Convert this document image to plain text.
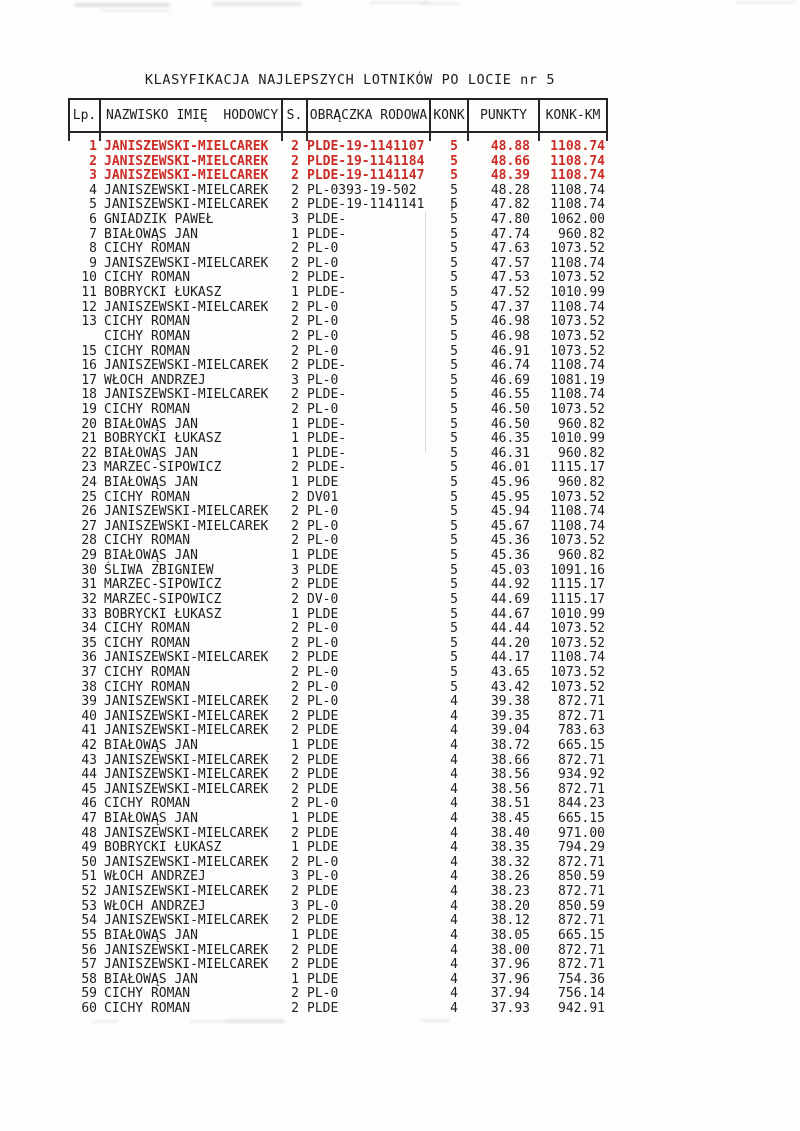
KLASYFIKACJA NAJLEPSZYCH LOTNIKÓW PO LOCIE nr 5
Lp. NAZWISKO IMIĘ  HODOWCY S. OBRĄCZKA RODOWA KONK	PUNKTY	KONK-KM
1 JANISZEWSKI-MIELCAREK	2 PLDE-19-1141107	5	48.88	1108.74
2 JANISZEWSKI-MIELCAREK	2 PLDE-19-1141184	5	48.66	1108.74
3 JANISZEWSKI-MIELCAREK	2 PLDE-19-1141147	5	48.39	1108.74
4 JANISZEWSKI-MIELCAREK	2 PL-0393-19-502	5	48.28	1108.74
5 JANISZEWSKI-MIELCAREK	2 PLDE-19-1141141	5	47.82	1108.74
6 GNIADZIK PAWEŁ	3 PLDE-	5	47.80	1062.00
7 BIAŁOWĄS JAN	1 PLDE-	5	47.74	960.82
8 CICHY ROMAN	2 PL-0	5	47.63	1073.52
9 JANISZEWSKI-MIELCAREK	2 PL-0	5	47.57	1108.74
10 CICHY ROMAN	2 PLDE-	5	47.53	1073.52
11 BOBRYCKI ŁUKASZ	1 PLDE-	5	47.52	1010.99
12 JANISZEWSKI-MIELCAREK	2 PL-0	5	47.37	1108.74
13 CICHY ROMAN	2 PL-0	5	46.98	1073.52
CICHY ROMAN	2 PL-0	5	46.98	1073.52
15 CICHY ROMAN	2 PL-0	5	46.91	1073.52
16 JANISZEWSKI-MIELCAREK	2 PLDE-	5	46.74	1108.74
17 WŁOCH ANDRZEJ	3 PL-0	5	46.69	1081.19
18 JANISZEWSKI-MIELCAREK	2 PLDE-	5	46.55	1108.74
19 CICHY ROMAN	2 PL-0	5	46.50	1073.52
20 BIAŁOWĄS JAN	1 PLDE-	5	46.50	960.82
21 BOBRYCKI ŁUKASZ	1 PLDE-	5	46.35	1010.99
22 BIAŁOWĄS JAN	1 PLDE-	5	46.31	960.82
23 MARZEC-SIPOWICZ	2 PLDE-	5	46.01	1115.17
24 BIAŁOWĄS JAN	1 PLDE	5	45.96	960.82
25 CICHY ROMAN	2 DV01	5	45.95	1073.52
26 JANISZEWSKI-MIELCAREK	2 PL-0	5	45.94	1108.74
27 JANISZEWSKI-MIELCAREK	2 PL-0	5	45.67	1108.74
28 CICHY ROMAN	2 PL-0	5	45.36	1073.52
29 BIAŁOWĄS JAN	1 PLDE	5	45.36	960.82
30 ŚLIWA ZBIGNIEW	3 PLDE	5	45.03	1091.16
31 MARZEC-SIPOWICZ	2 PLDE	5	44.92	1115.17
32 MARZEC-SIPOWICZ	2 DV-0	5	44.69	1115.17
33 BOBRYCKI ŁUKASZ	1 PLDE	5	44.67	1010.99
34 CICHY ROMAN	2 PL-0	5	44.44	1073.52
35 CICHY ROMAN	2 PL-0	5	44.20	1073.52
36 JANISZEWSKI-MIELCAREK	2 PLDE	5	44.17	1108.74
37 CICHY ROMAN	2 PL-0	5	43.65	1073.52
38 CICHY ROMAN	2 PL-0	5	43.42	1073.52
39 JANISZEWSKI-MIELCAREK	2 PL-0	4	39.38	872.71
40 JANISZEWSKI-MIELCAREK	2 PLDE	4	39.35	872.71
41 JANISZEWSKI-MIELCAREK	2 PLDE	4	39.04	783.63
42 BIAŁOWĄS JAN	1 PLDE	4	38.72	665.15
43 JANISZEWSKI-MIELCAREK	2 PLDE	4	38.66	872.71
44 JANISZEWSKI-MIELCAREK	2 PLDE	4	38.56	934.92
45 JANISZEWSKI-MIELCAREK	2 PLDE	4	38.56	872.71
46 CICHY ROMAN	2 PL-0	4	38.51	844.23
47 BIAŁOWĄS JAN	1 PLDE	4	38.45	665.15
48 JANISZEWSKI-MIELCAREK	2 PLDE	4	38.40	971.00
49 BOBRYCKI ŁUKASZ	1 PLDE	4	38.35	794.29
50 JANISZEWSKI-MIELCAREK	2 PL-0	4	38.32	872.71
51 WŁOCH ANDRZEJ	3 PL-0	4	38.26	850.59
52 JANISZEWSKI-MIELCAREK	2 PLDE	4	38.23	872.71
53 WŁOCH ANDRZEJ	3 PL-0	4	38.20	850.59
54 JANISZEWSKI-MIELCAREK	2 PLDE	4	38.12	872.71
55 BIAŁOWĄS JAN	1 PLDE	4	38.05	665.15
56 JANISZEWSKI-MIELCAREK	2 PLDE	4	38.00	872.71
57 JANISZEWSKI-MIELCAREK	2 PLDE	4	37.96	872.71
58 BIAŁOWĄS JAN	1 PLDE	4	37.96	754.36
59 CICHY ROMAN	2 PL-0	4	37.94	756.14
60 CICHY ROMAN	2 PLDE	4	37.93	942.91
